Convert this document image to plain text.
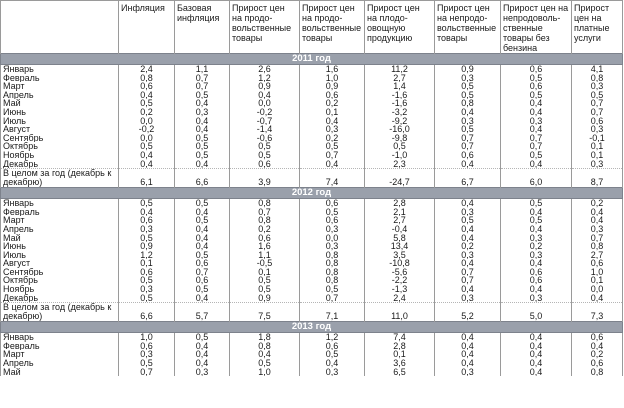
	Инфляция	Базовая инфляция	Прирост цен на продо-вольственные товары	Прирост цен на продо-вольственные товары	Прирост цен на плодо-овощную продукцию	Прирост цен на непродо-вольственные товары	Прирост цен на непродоволь-ственные товары без бензина	Прирост цен на платные услуги
2011 год								
Январь	2,4	1,1	2,6	1,6	11,2	0,9	0,6	4,1
Февраль	0,8	0,7	1,2	1,0	2,7	0,3	0,5	0,8
Март	0,6	0,7	0,9	0,9	1,4	0,5	0,6	0,3
Апрель	0,4	0,5	0,4	0,6	-1,6	0,5	0,5	0,5
Май	0,5	0,4	0,0	0,2	-1,6	0,8	0,4	0,7
Июнь	0,2	0,3	-0,2	0,1	-3,2	0,4	0,4	0,7
Июль	0,0	0,4	-0,7	0,4	-9,2	0,3	0,3	0,6
Август	-0,2	0,4	-1,4	0,3	-16,0	0,5	0,4	0,3
Сентябрь	0,0	0,5	-0,6	0,2	-9,8	0,7	0,7	-0,1
Октябрь	0,5	0,5	0,5	0,5	0,5	0,7	0,7	0,1
Ноябрь	0,4	0,5	0,5	0,7	-1,0	0,6	0,5	0,1
Декабрь	0,4	0,4	0,6	0,4	2,3	0,4	0,4	0,3
В целом за год (декабрь к декабрю)	6,1	6,6	3,9	7,4	-24,7	6,7	6,0	8,7
2012 год								
Январь	0,5	0,5	0,8	0,6	2,8	0,4	0,5	0,2
Февраль	0,4	0,4	0,7	0,5	2,1	0,3	0,4	0,4
Март	0,6	0,5	0,8	0,6	2,7	0,5	0,5	0,4
Апрель	0,3	0,4	0,2	0,3	-0,4	0,4	0,4	0,3
Май	0,5	0,4	0,6	0,0	5,8	0,4	0,3	0,7
Июнь	0,9	0,4	1,6	0,3	13,4	0,2	0,2	0,8
Июль	1,2	0,5	1,1	0,8	3,5	0,3	0,3	2,7
Август	0,1	0,6	-0,5	0,8	-10,8	0,4	0,4	0,6
Сентябрь	0,6	0,7	0,1	0,8	-5,6	0,7	0,6	1,0
Октябрь	0,5	0,6	0,5	0,8	-2,2	0,7	0,6	0,1
Ноябрь	0,3	0,5	0,5	0,5	-1,3	0,4	0,4	0,0
Декабрь	0,5	0,4	0,9	0,7	2,4	0,3	0,3	0,4
В целом за год (декабрь к декабрю)	6,6	5,7	7,5	7,1	11,0	5,2	5,0	7,3
2013 год								
Январь	1,0	0,5	1,8	1,2	7,4	0,4	0,4	0,6
Февраль	0,6	0,4	0,8	0,6	2,8	0,4	0,4	0,4
Март	0,3	0,4	0,4	0,5	0,1	0,4	0,4	0,2
Апрель	0,5	0,4	0,5	0,4	3,6	0,4	0,4	0,6
Май	0,7	0,3	1,0	0,3	6,5	0,3	0,4	0,8
